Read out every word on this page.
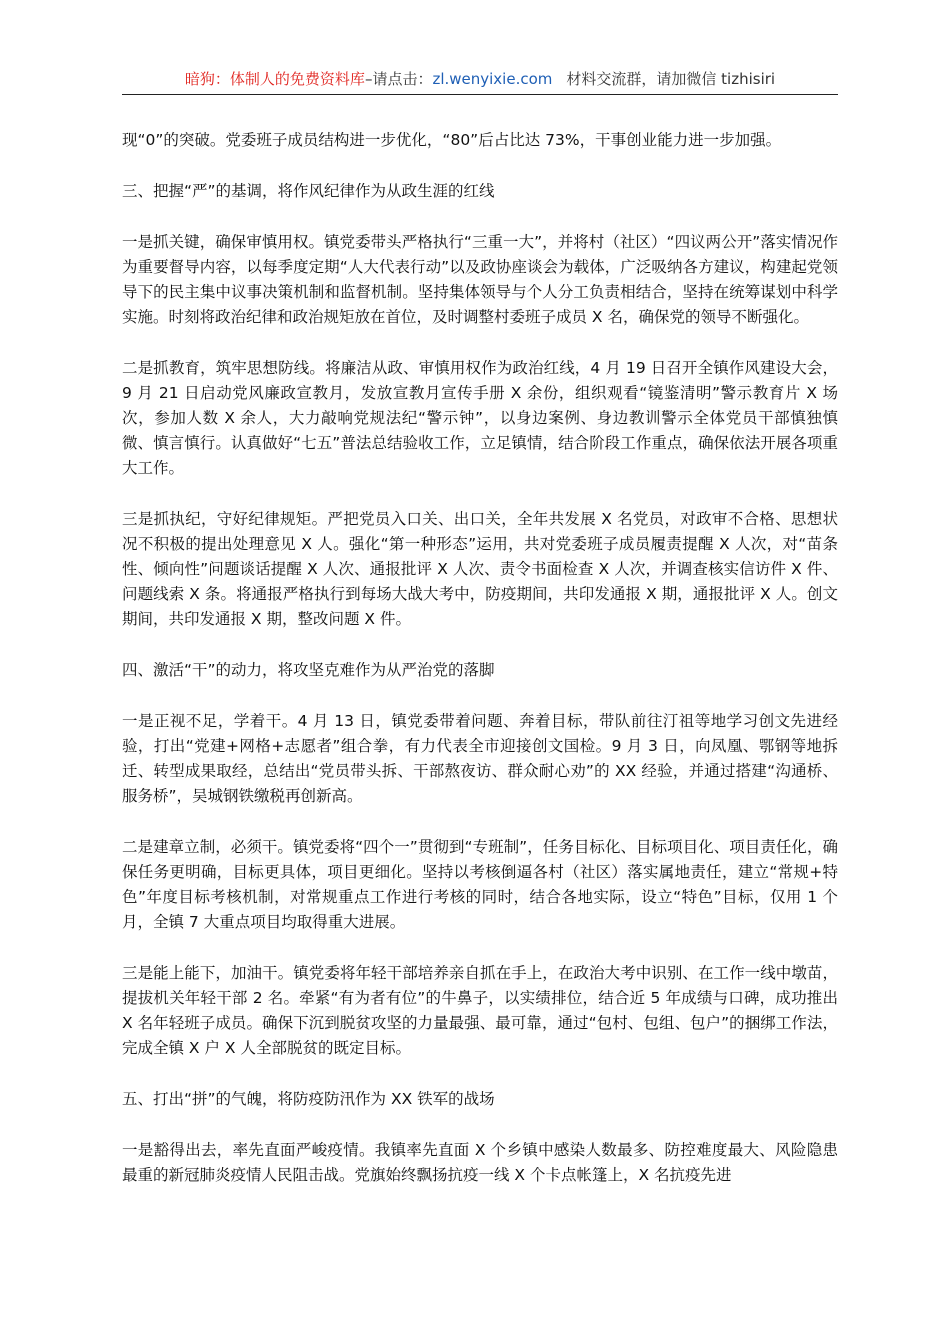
暗狗：体制人的免费资料库 –请点击： zl.wenyixie.com 材料交流群，请加微信 tizhisiri

现“0”的突破。党委班子成员结构进一步优化，“80”后占比达 73%，干事创业能力进一步加强。

三、把握“严”的基调，将作风纪律作为从政生涯的红线

一是抓关键，确保审慎用权。镇党委带头严格执行“三重一大”，并将村（社区）“四议两公开”落实情况作为重要督导内容，以每季度定期“人大代表行动”以及政协座谈会为载体，广泛吸纳各方建议，构建起党领导下的民主集中议事决策机制和监督机制。坚持集体领导与个人分工负责相结合，坚持在统筹谋划中科学实施。时刻将政治纪律和政治规矩放在首位，及时调整村委班子成员 X 名，确保党的领导不断强化。

二是抓教育，筑牢思想防线。将廉洁从政、审慎用权作为政治红线，4 月 19 日召开全镇作风建设大会，9 月 21 日启动党风廉政宣教月，发放宣教月宣传手册 X 余份，组织观看“镜鉴清明”警示教育片 X 场次，参加人数 X 余人，大力敲响党规法纪“警示钟”，以身边案例、身边教训警示全体党员干部慎独慎微、慎言慎行。认真做好“七五”普法总结验收工作，立足镇情，结合阶段工作重点，确保依法开展各项重大工作。

三是抓执纪，守好纪律规矩。严把党员入口关、出口关，全年共发展 X 名党员，对政审不合格、思想状况不积极的提出处理意见 X 人。强化“第一种形态”运用，共对党委班子成员履责提醒 X 人次，对“苗条性、倾向性”问题谈话提醒 X 人次、通报批评 X 人次、责令书面检查 X 人次，并调查核实信访件 X 件、问题线索 X 条。将通报严格执行到每场大战大考中，防疫期间，共印发通报 X 期，通报批评 X 人。创文期间，共印发通报 X 期，整改问题 X 件。

四、激活“干”的动力，将攻坚克难作为从严治党的落脚

一是正视不足，学着干。4 月 13 日，镇党委带着问题、奔着目标，带队前往汀祖等地学习创文先进经验，打出“党建+网格+志愿者”组合拳，有力代表全市迎接创文国检。9 月 3 日，向凤凰、鄂钢等地拆迁、转型成果取经，总结出“党员带头拆、干部熬夜访、群众耐心劝”的 XX 经验，并通过搭建“沟通桥、服务桥”，吴城钢铁缴税再创新高。

二是建章立制，必须干。镇党委将“四个一”贯彻到“专班制”，任务目标化、目标项目化、项目责任化，确保任务更明确，目标更具体，项目更细化。坚持以考核倒逼各村（社区）落实属地责任，建立“常规+特色”年度目标考核机制，对常规重点工作进行考核的同时，结合各地实际，设立“特色”目标，仅用 1 个月，全镇 7 大重点项目均取得重大进展。

三是能上能下，加油干。镇党委将年轻干部培养亲自抓在手上，在政治大考中识别、在工作一线中墩苗，提拔机关年轻干部 2 名。牵紧“有为者有位”的牛鼻子，以实绩排位，结合近 5 年成绩与口碑，成功推出 X 名年轻班子成员。确保下沉到脱贫攻坚的力量最强、最可靠，通过“包村、包组、包户”的捆绑工作法，完成全镇 X 户 X 人全部脱贫的既定目标。

五、打出“拼”的气魄，将防疫防汛作为 XX 铁军的战场

一是豁得出去，率先直面严峻疫情。我镇率先直面 X 个乡镇中感染人数最多、防控难度最大、风险隐患最重的新冠肺炎疫情人民阻击战。党旗始终飘扬抗疫一线 X 个卡点帐篷上，X 名抗疫先进
